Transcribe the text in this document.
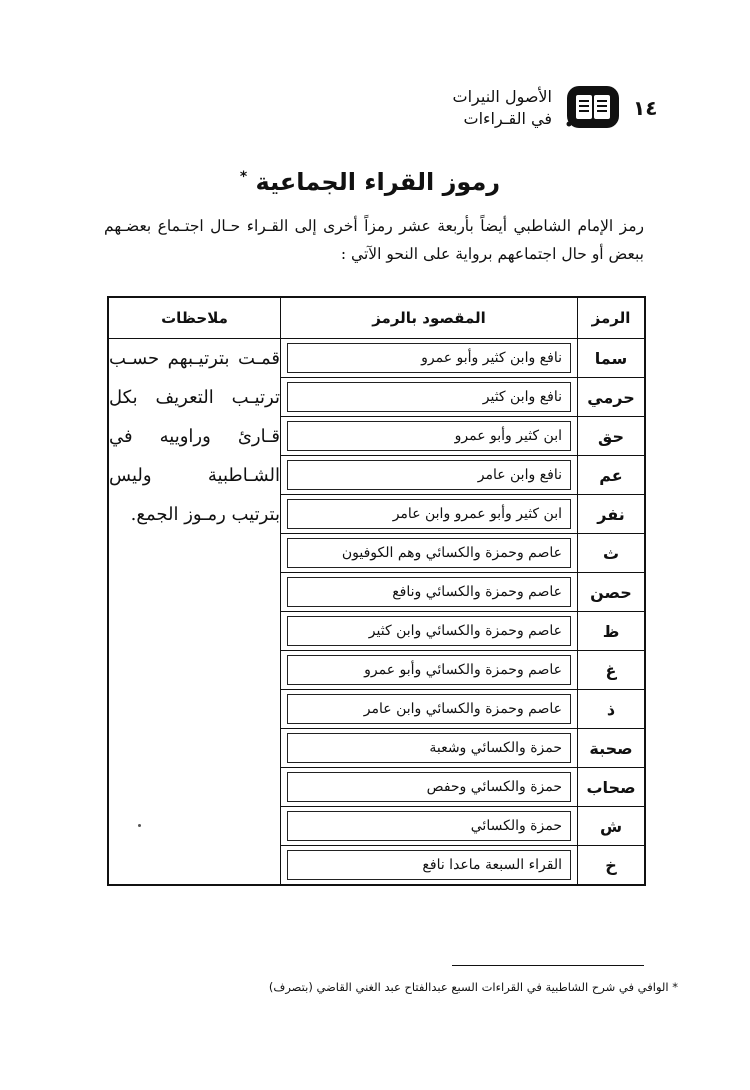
١٤
الأصول النيرات
في القـراءات
رموز القراء الجماعية *
رمز الإمام الشاطبي أيضاً بأربعة عشر رمزاً أخرى إلى القـراء حـال اجتـماع بعضـهم ببعض أو حال اجتماعهم برواية على النحو الآتي :
الرمز	المقصود بالرمز	ملاحظات
سما	نافع وابن كثير وأبو عمرو	قمـت بترتيـبهم حسـب ترتيـب التعريف بكل قـارئ وراوييه في الشـاطبية وليس بترتيب رمـوز الجمع.
حرمي	نافع وابن كثير	

حق	ابن كثير وأبو عمرو	

عم	نافع وابن عامر	

نفر	ابن كثير وأبو عمرو وابن عامر	

ث	عاصم وحمزة والكسائي وهم الكوفيون	

حصن	عاصم وحمزة والكسائي ونافع	

ظ	عاصم وحمزة والكسائي وابن كثير	

غ	عاصم وحمزة والكسائي وأبو عمرو	

ذ	عاصم وحمزة والكسائي وابن عامر	

صحبة	حمزة والكسائي وشعبة	

صحاب	حمزة والكسائي وحفص	

ش	حمزة والكسائي	

خ	القراء السبعة ماعدا نافع	
* الوافي في شرح الشاطبية في القراءات السبع عبدالفتاح عبد الغني القاضي (بتصرف)
